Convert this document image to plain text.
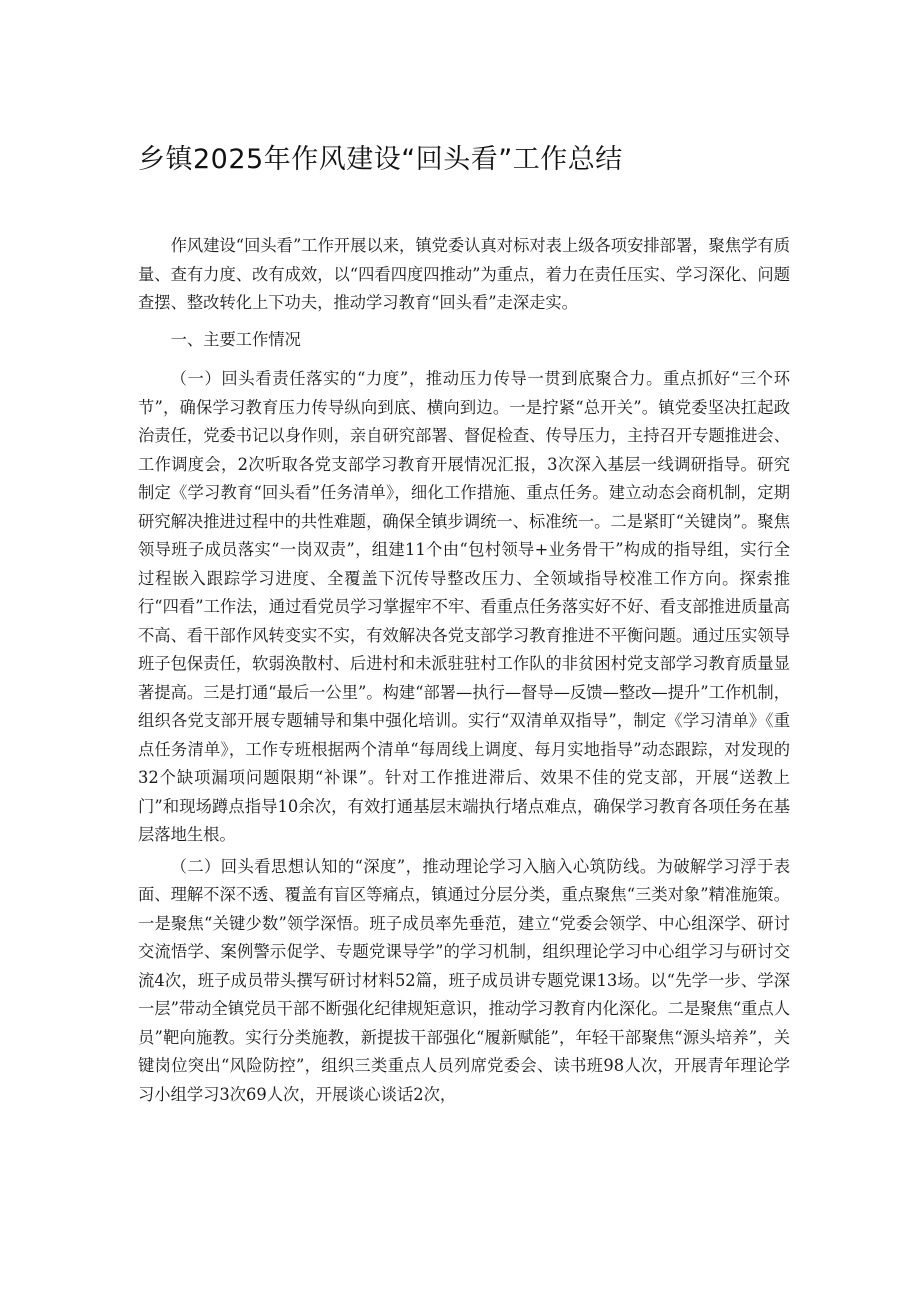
乡镇2025年作风建设“回头看”工作总结

作风建设“回头看”工作开展以来，镇党委认真对标对表上级各项安排部署，聚焦学有质量、查有力度、改有成效，以“四看四度四推动”为重点，着力在责任压实、学习深化、问题查摆、整改转化上下功夫，推动学习教育“回头看”走深走实。

一、主要工作情况

（一）回头看责任落实的“力度”，推动压力传导一贯到底聚合力。重点抓好“三个环节”，确保学习教育压力传导纵向到底、横向到边。一是拧紧“总开关”。镇党委坚决扛起政治责任，党委书记以身作则，亲自研究部署、督促检查、传导压力，主持召开专题推进会、工作调度会，2次听取各党支部学习教育开展情况汇报，3次深入基层一线调研指导。研究制定《学习教育“回头看”任务清单》，细化工作措施、重点任务。建立动态会商机制，定期研究解决推进过程中的共性难题，确保全镇步调统一、标准统一。二是紧盯“关键岗”。聚焦领导班子成员落实“一岗双责”，组建11个由“包村领导+业务骨干”构成的指导组，实行全过程嵌入跟踪学习进度、全覆盖下沉传导整改压力、全领域指导校准工作方向。探索推行“四看”工作法，通过看党员学习掌握牢不牢、看重点任务落实好不好、看支部推进质量高不高、看干部作风转变实不实，有效解决各党支部学习教育推进不平衡问题。通过压实领导班子包保责任，软弱涣散村、后进村和未派驻驻村工作队的非贫困村党支部学习教育质量显著提高。三是打通“最后一公里”。构建“部署—执行—督导—反馈—整改—提升”工作机制，组织各党支部开展专题辅导和集中强化培训。实行“双清单双指导”，制定《学习清单》《重点任务清单》，工作专班根据两个清单“每周线上调度、每月实地指导”动态跟踪，对发现的32个缺项漏项问题限期“补课”。针对工作推进滞后、效果不佳的党支部，开展“送教上门”和现场蹲点指导10余次，有效打通基层末端执行堵点难点，确保学习教育各项任务在基层落地生根。

（二）回头看思想认知的“深度”，推动理论学习入脑入心筑防线。为破解学习浮于表面、理解不深不透、覆盖有盲区等痛点，镇通过分层分类，重点聚焦“三类对象”精准施策。一是聚焦“关键少数”领学深悟。班子成员率先垂范，建立“党委会领学、中心组深学、研讨交流悟学、案例警示促学、专题党课导学”的学习机制，组织理论学习中心组学习与研讨交流4次，班子成员带头撰写研讨材料52篇，班子成员讲专题党课13场。以“先学一步、学深一层”带动全镇党员干部不断强化纪律规矩意识，推动学习教育内化深化。二是聚焦“重点人员”靶向施教。实行分类施教，新提拔干部强化“履新赋能”，年轻干部聚焦“源头培养”，关键岗位突出“风险防控”，组织三类重点人员列席党委会、读书班98人次，开展青年理论学习小组学习3次69人次，开展谈心谈话2次，
